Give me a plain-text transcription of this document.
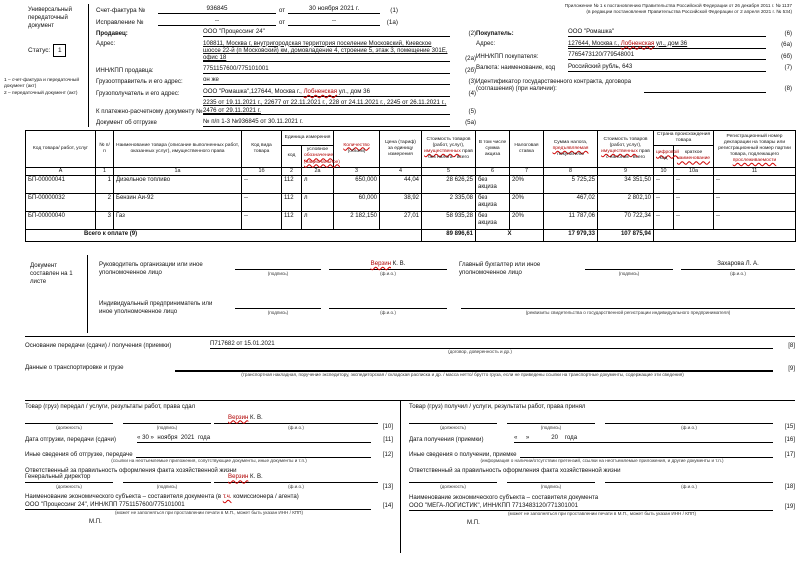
Универсальный передаточный документ
Статус:	1
1 – счет-фактура и передаточный документ (акт)
2 – передаточный документ (акт)
Приложение № 1 к постановлению Правительства Российской Федерации от 26 декабря 2011 г. № 1137
(в редакции постановления Правительства Российской Федерации от 2 апреля 2021 г. № 534)
Счет-фактура №	936845	от	30 ноября 2021 г.	(1)
Исправление №	--	от	--	(1а)
Продавец:	ООО "Процессинг 24"	(2)
Адрес:	108811, Москва г, внутригородская территория поселение Московский, Киевское шоссе 22-й (п Московский) км, домовладение 4, строение 5, этаж 3, помещение 301Е, офис 18	(2а)
ИНН/КПП продавца:	7751157600/775101001	(2б)
Грузоотправитель и его адрес:	он же	(3)
Грузополучатель и его адрес:	ООО "Ромашка",127644, Москва г., Лобненская ул., дом 36	(4)
К платежно-расчетному документу №
2235 от 19.11.2021 г., 22677 от 22.11.2021 г., 228 от 24.11.2021 г., 2245 от 26.11.2021 г., 2476 от 29.11.2021 г.	(5)
Документ об отгрузке	№ п/п 1-3 №936845 от 30.11.2021 г.	(5а)
Покупатель:	ООО "Ромашка"	(6)
Адрес:	127644, Москва г., Лобненская ул., дом 36	(6а)
ИНН/КПП покупателя:	7765473120/779548001	(6б)
Валюта: наименование, код	Российский рубль, 643	(7)
Идентификатор государственного контракта, договора (соглашения) (при наличии):	(8)
Код товара/ работ, услуг	№ п/п	Наименование товара (описание выполненных работ, оказанных услуг), имущественного права	Код вида товара	Единица измерения		Количество (объем)	Цена (тариф) за единицу измерения	Стоимость товаров (работ, услуг), имущественных прав без налога - всего	В том числе сумма акциза	Налоговая ставка	Сумма налога, предъявляемая покупателю	Стоимость товаров (работ, услуг), имущественных прав с налогом - всего	Страна происхождения товара		Регистрационный номер декларации на товары или регистрационный номер партии товара, подлежащего прослеживаемости
				код	условное обозначение (национальное)								цифровой код	краткое наименование	
А	1	1а	1б	2	2а	3	4	5	6	7	8	9	10	10а	11
БП-00000041	1	Дизельное топливо	--	112	л	650,000	44,04	28 626,25	без акциза	20%	5 725,25	34 351,50	--	--	--
БП-00000032	2	Бензин Аи-92	--	112	л	60,000	38,92	2 335,08	без акциза	20%	467,02	2 802,10	--	--	--
БП-00000040	3	Газ	--	112	л	2 182,150	27,01	58 935,28	без акциза	20%	11 787,06	70 722,34	--	--	--
Всего к оплате (9)								89 896,61	X		17 979,33	107 875,94			
Документ составлен на 1 листе
Руководитель организации или иное уполномоченное лицо	(подпись)
Верзин К. В.
(ф.и.о.)
Главный бухгалтер или иное уполномоченное лицо	(подпись)
Захарова Л. А.
(ф.и.о.)
Индивидуальный предприниматель или иное уполномоченное лицо	(подпись)	(ф.и.о.)	(реквизиты свидетельства о государственной регистрации индивидуального предпринимателя)
Основание передачи (сдачи) / получения (приемки)	П717682 от 15.01.2021	[8]
(договор, доверенность и др.)
Данные о транспортировке и грузе	[9]
(транспортная накладная, поручение экспедитору, экспедиторская / складская расписка и др. / масса нетто/ брутто груза, если не приведены ссылки на транспортные документы, содержащие эти сведения)
Товар (груз) передал / услуги, результаты работ, права сдал
(должность)	(подпись)
Верзин К. В.
(ф.и.о.)	[10]
Дата отгрузки, передачи (сдачи)	« 30 »  ноября  2021  года	[11]
Иные сведения об отгрузке, передаче	[12]
(ссылки на неотъемлемые приложения, сопутствующие документы, иные документы и т.п.)
Ответственный за правильность оформления факта хозяйственной жизни
Генеральный директор
(должность)	(подпись)
Верзин К. В.
(ф.и.о.)	[13]
Наименование экономического субъекта – составителя документа (в т.ч. комиссионера / агента)
ООО "Процессинг 24", ИНН/КПП 7751157600/775101001	[14]
(может не заполняться при проставлении печати в М.П., может быть указан ИНН / КПП)
М.П.
Товар (груз) получил / услуги, результаты работ, права принял
(должность)	(подпись)	(ф.и.о.)	[15]
Дата получения (приемки)	«     »             20    года	[16]
Иные сведения о получении, приемке	[17]
(информация о наличии/отсутствии претензий, ссылки на неотъемлемые приложения, и другие документы и т.п.)
Ответственный за правильность оформления факта хозяйственной жизни
(должность)	(подпись)	(ф.и.о.)	[18]
Наименование экономического субъекта – составителя документа
ООО "МЕГА-ЛОГИСТИК", ИНН/КПП 7713483120/771301001	[19]
(может не заполняться при проставлении печати в М.П., может быть указан ИНН / КПП)
М.П.
